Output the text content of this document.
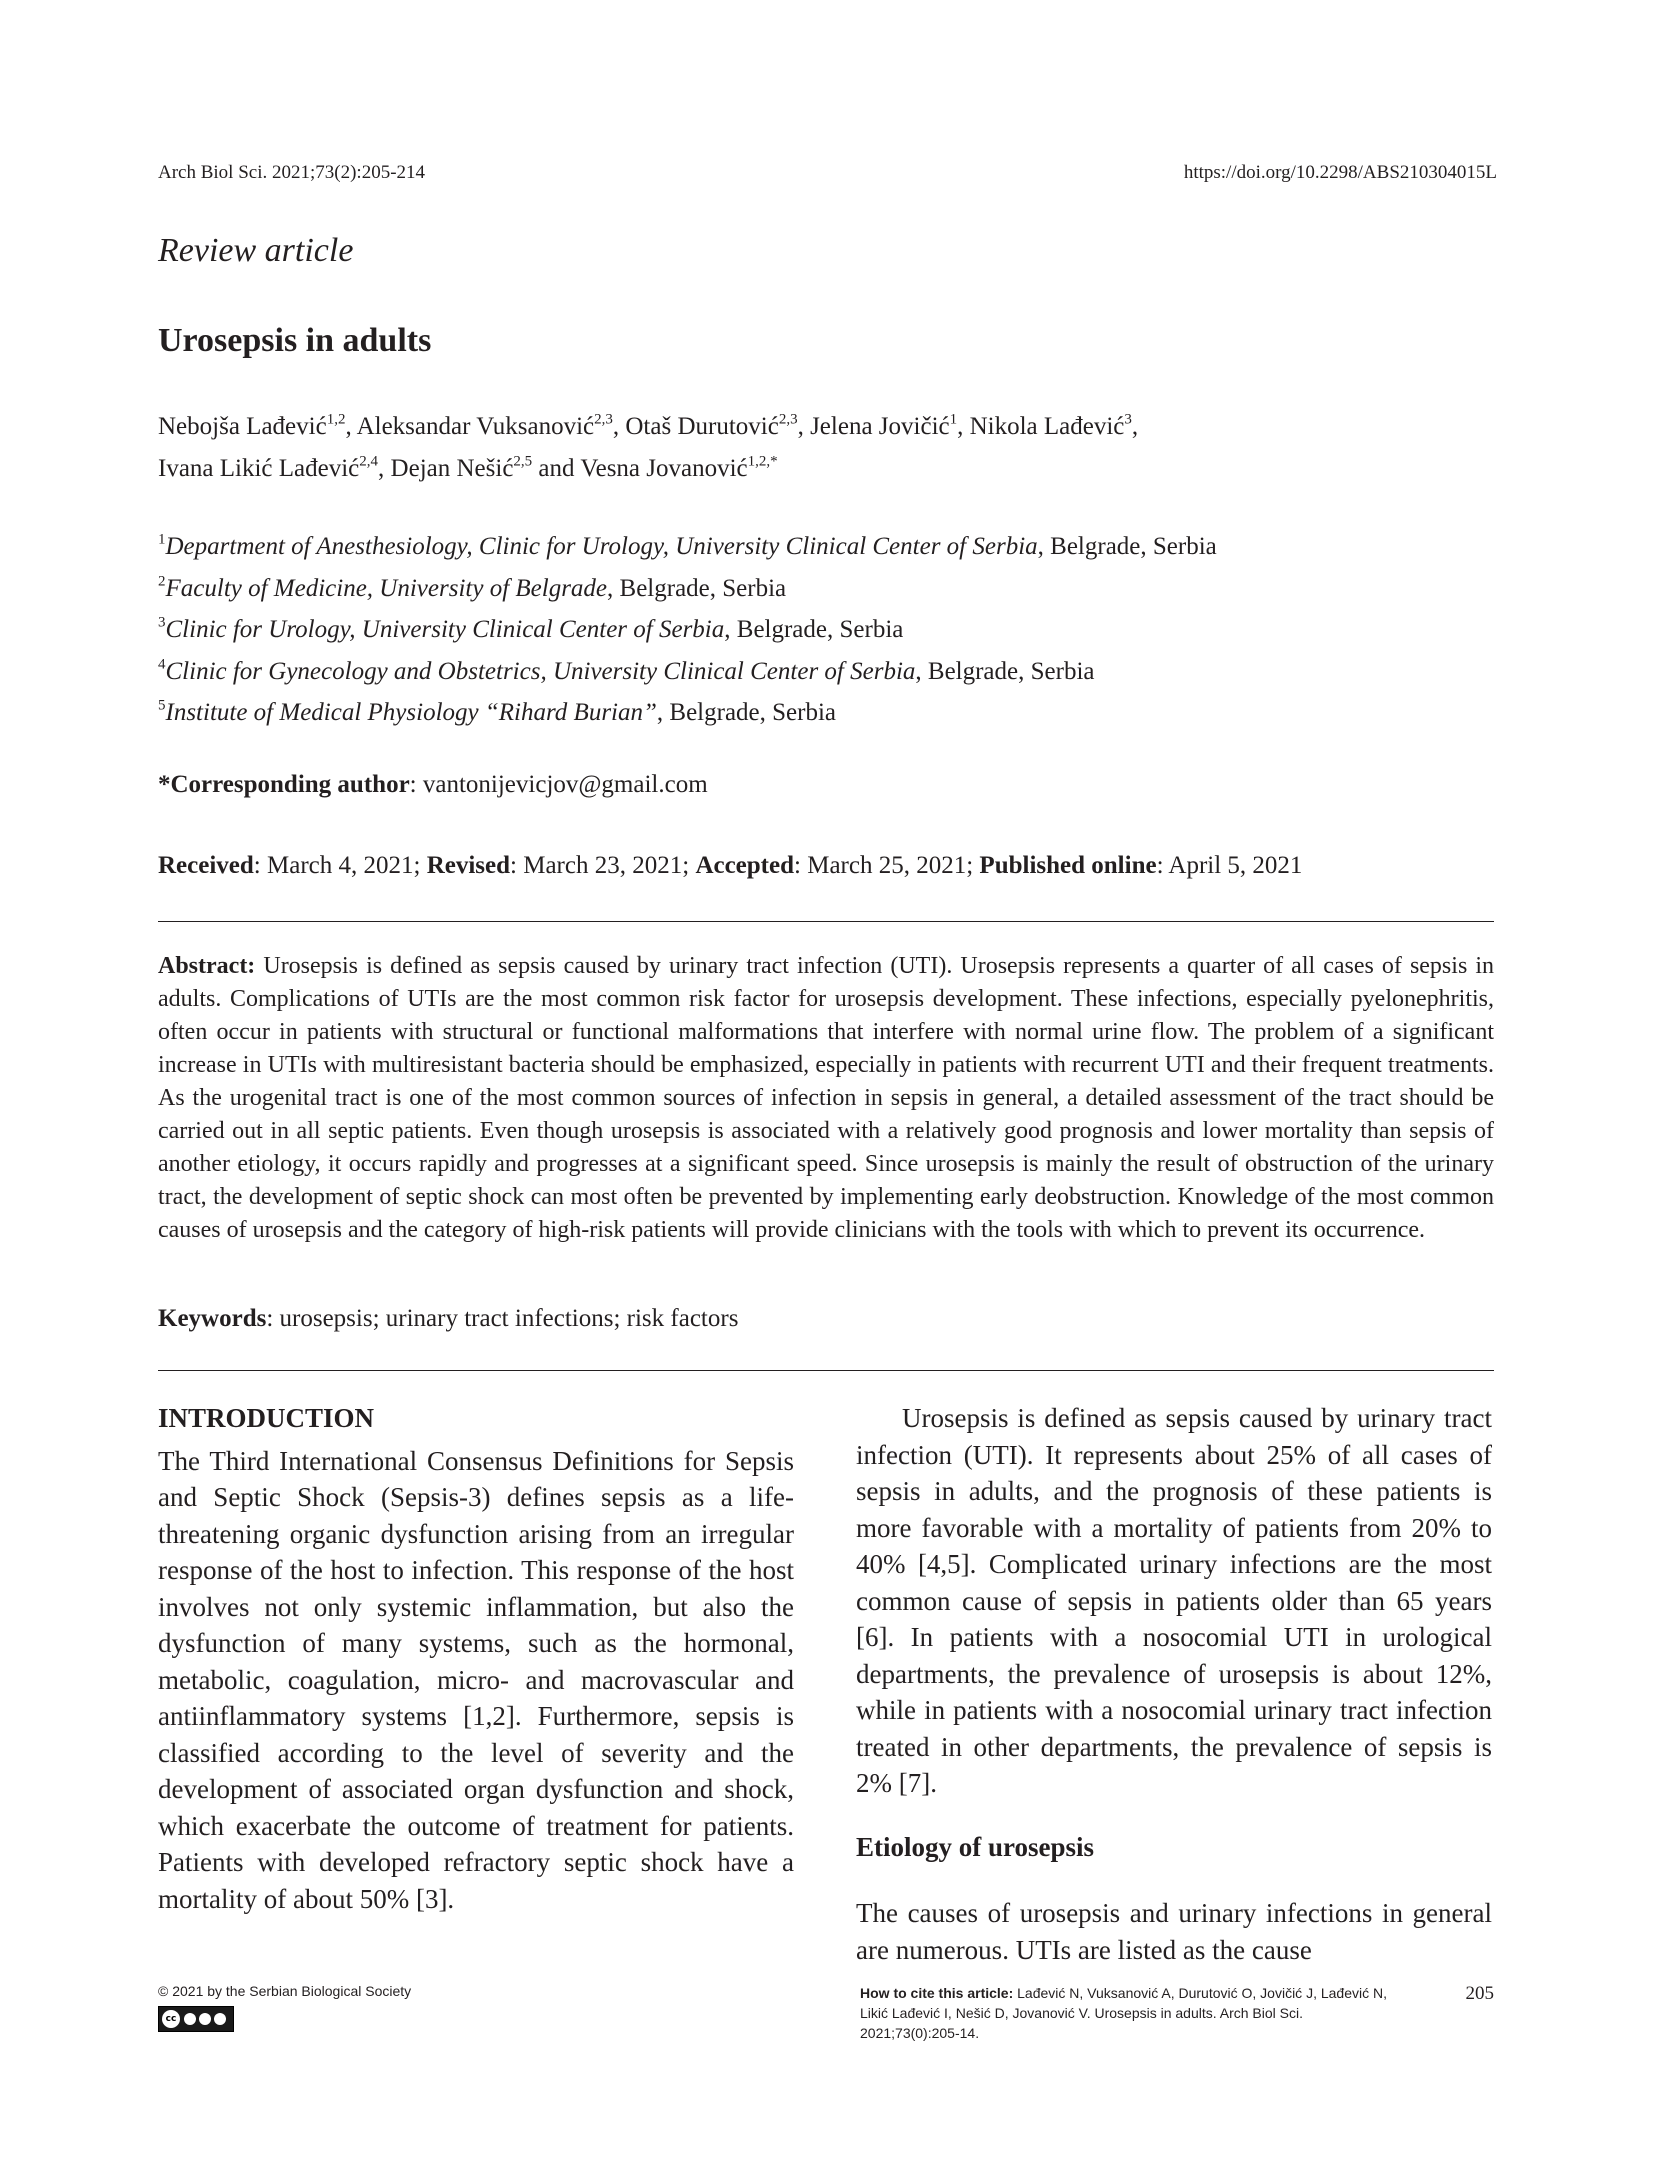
Arch Biol Sci. 2021;73(2):205-214	https://doi.org/10.2298/ABS210304015L
Review article
Urosepsis in adults
Nebojša Lađević$^{1,2}$, Aleksandar Vuksanović$^{2,3}$, Otaš Durutović$^{2,3}$, Jelena Jovičić$^1$, Nikola Lađević$^3$,
Ivana Likić Lađević$^{2,4}$, Dejan Nešić$^{2,5}$ and Vesna Jovanović$^{1,2,*}$
$^1$Department of Anesthesiology, Clinic for Urology, University Clinical Center of Serbia, Belgrade, Serbia
$^2$Faculty of Medicine, University of Belgrade, Belgrade, Serbia
$^3$Clinic for Urology, University Clinical Center of Serbia, Belgrade, Serbia
$^4$Clinic for Gynecology and Obstetrics, University Clinical Center of Serbia, Belgrade, Serbia
$^5$Institute of Medical Physiology “Rihard Burian”, Belgrade, Serbia
*Corresponding author: vantonijevicjov@gmail.com
Received: March 4, 2021; Revised: March 23, 2021; Accepted: March 25, 2021; Published online: April 5, 2021
Abstract: Urosepsis is defined as sepsis caused by urinary tract infection (UTI). Urosepsis represents a quarter of all cases of sepsis in adults. Complications of UTIs are the most common risk factor for urosepsis development. These infections, especially pyelonephritis, often occur in patients with structural or functional malformations that interfere with normal urine flow. The problem of a significant increase in UTIs with multiresistant bacteria should be emphasized, especially in patients with recurrent UTI and their frequent treatments. As the urogenital tract is one of the most common sources of infection in sepsis in general, a detailed assessment of the tract should be carried out in all septic patients. Even though urosepsis is associated with a relatively good prognosis and lower mortality than sepsis of another etiology, it occurs rapidly and progresses at a significant speed. Since urosepsis is mainly the result of obstruction of the urinary tract, the development of septic shock can most often be prevented by implementing early deobstruction. Knowledge of the most common causes of urosepsis and the category of high-risk patients will provide clinicians with the tools with which to prevent its occurrence.
Keywords: urosepsis; urinary tract infections; risk factors
INTRODUCTION

The Third International Consensus Definitions for Sepsis and Septic Shock (Sepsis-3) defines sepsis as a life-threatening organic dysfunction arising from an irregular response of the host to infection. This response of the host involves not only systemic inflammation, but also the dysfunction of many systems, such as the hormonal, metabolic, coagulation, micro- and macrovascular and antiinflammatory systems [1,2]. Furthermore, sepsis is classified according to the level of severity and the development of associated organ dysfunction and shock, which exacerbate the outcome of treatment for patients. Patients with developed refractory septic shock have a mortality of about 50% [3].

Urosepsis is defined as sepsis caused by urinary tract infection (UTI). It represents about 25% of all cases of sepsis in adults, and the prognosis of these patients is more favorable with a mortality of patients from 20% to 40% [4,5]. Complicated urinary infections are the most common cause of sepsis in patients older than 65 years [6]. In patients with a nosocomial UTI in urological departments, the prevalence of urosepsis is about 12%, while in patients with a nosocomial urinary tract infection treated in other departments, the prevalence of sepsis is 2% [7].

Etiology of urosepsis

The causes of urosepsis and urinary infections in general are numerous. UTIs are listed as the cause

© 2021 by the Serbian Biological Society
cc
How to cite this article: Lađević N, Vuksanović A, Durutović O, Jovičić J, Lađević N, Likić Lađević I, Nešić D, Jovanović V. Urosepsis in adults. Arch Biol Sci. 2021;73(0):205-14.
205
